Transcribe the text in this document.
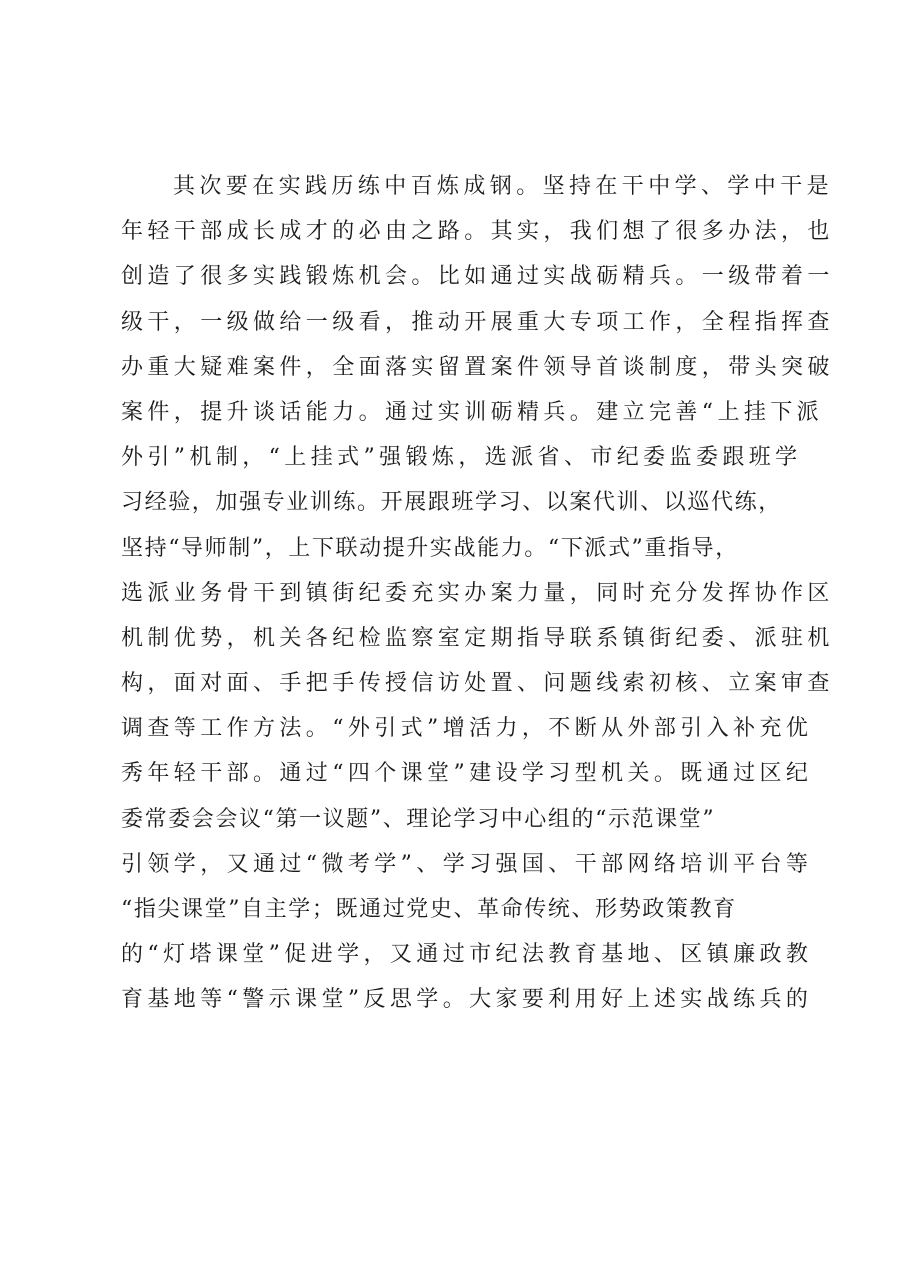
其次要在实践历练中百炼成钢。坚持在干中学、学中干是
年轻干部成长成才的必由之路。其实，我们想了很多办法，也
创造了很多实践锻炼机会。比如通过实战砺精兵。一级带着一
级干，一级做给一级看，推动开展重大专项工作，全程指挥查
办重大疑难案件，全面落实留置案件领导首谈制度，带头突破
案件，提升谈话能力。通过实训砺精兵。建立完善“上挂下派
外引”机制，“上挂式”强锻炼，选派省、市纪委监委跟班学
习经验，加强专业训练。开展跟班学习、以案代训、以巡代练，
坚持“导师制”，上下联动提升实战能力。“下派式”重指导，
选派业务骨干到镇街纪委充实办案力量，同时充分发挥协作区
机制优势，机关各纪检监察室定期指导联系镇街纪委、派驻机
构，面对面、手把手传授信访处置、问题线索初核、立案审查
调查等工作方法。“外引式”增活力，不断从外部引入补充优
秀年轻干部。通过“四个课堂”建设学习型机关。既通过区纪
委常委会会议“第一议题”、理论学习中心组的“示范课堂”
引领学，又通过“微考学”、学习强国、干部网络培训平台等
“指尖课堂”自主学；既通过党史、革命传统、形势政策教育
的“灯塔课堂”促进学，又通过市纪法教育基地、区镇廉政教
育基地等“警示课堂”反思学。大家要利用好上述实战练兵的
